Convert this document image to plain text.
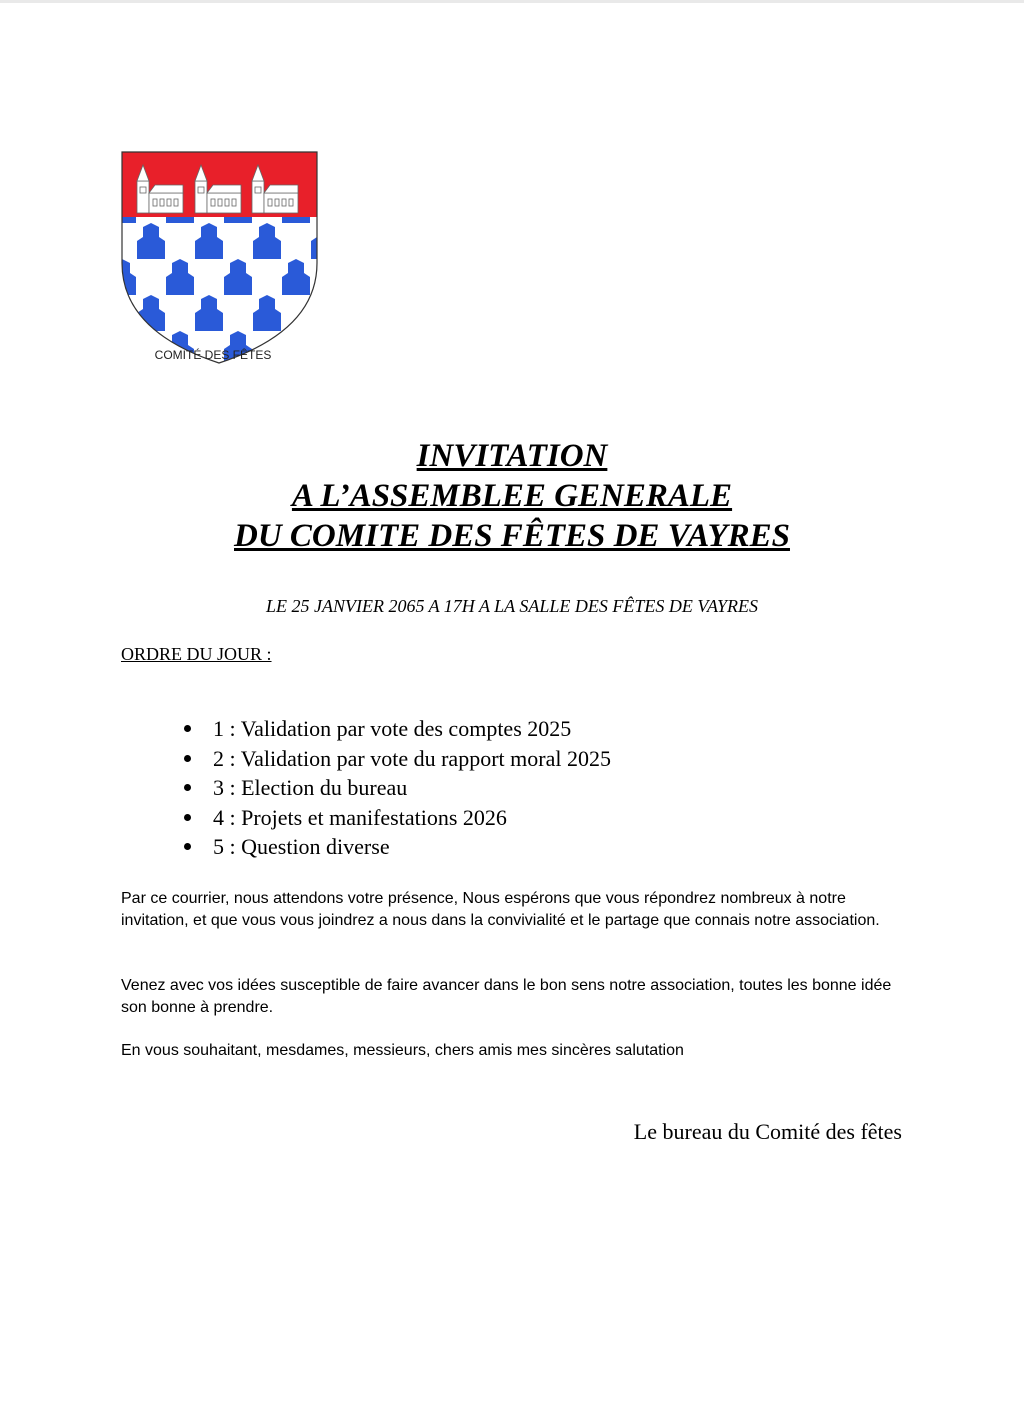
COMITÉ DES FÊTES
INVITATION
A L’ASSEMBLEE GENERALE
DU COMITE DES FÊTES DE VAYRES
LE 25 JANVIER 2065 A 17H A LA SALLE DES FÊTES DE VAYRES
ORDRE DU JOUR :
1 : Validation par vote des comptes 2025
2 : Validation par vote du rapport moral 2025
3 : Election du bureau
4 : Projets et manifestations 2026
5 : Question diverse

Par ce courrier, nous attendons votre présence, Nous espérons que vous répondrez nombreux à notre invitation, et que vous vous joindrez a nous dans la convivialité et le partage que connais notre association.

Venez avec vos idées susceptible de faire avancer dans le bon sens notre association, toutes les bonne idée son bonne à prendre.

En vous souhaitant, mesdames, messieurs, chers amis mes sincères salutation

Le bureau du Comité des fêtes
